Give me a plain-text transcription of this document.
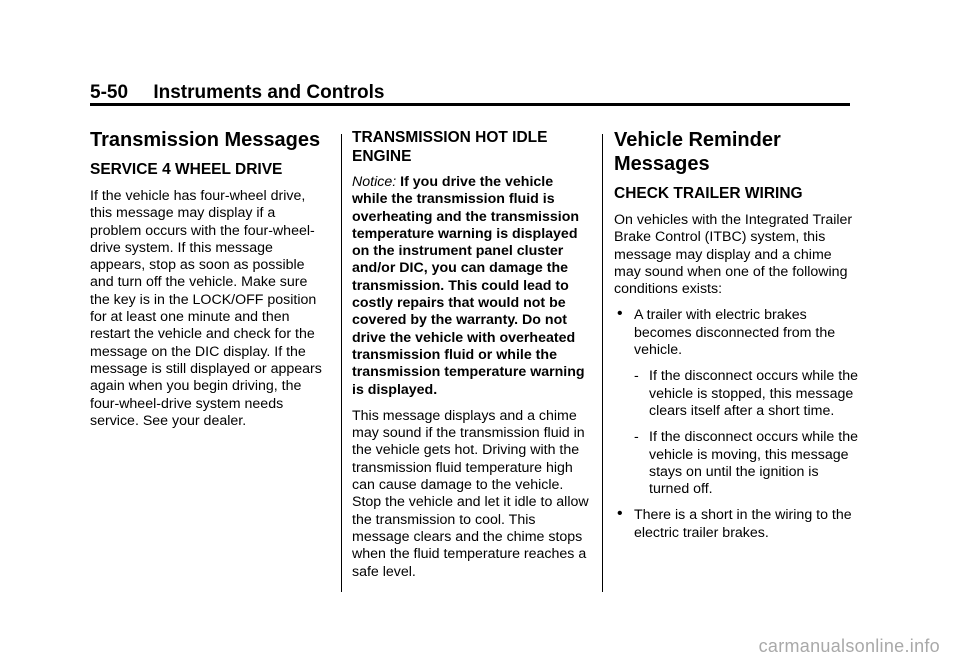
5-50 Instruments and Controls
Transmission Messages
SERVICE 4 WHEEL DRIVE

If the vehicle has four-wheel drive, this message may display if a problem occurs with the four-wheel-drive system. If this message appears, stop as soon as possible and turn off the vehicle. Make sure the key is in the LOCK/OFF position for at least one minute and then restart the vehicle and check for the message on the DIC display. If the message is still displayed or appears again when you begin driving, the four-wheel-drive system needs service. See your dealer.

TRANSMISSION HOT IDLE ENGINE

Notice: If you drive the vehicle while the transmission fluid is overheating and the transmission temperature warning is displayed on the instrument panel cluster and/or DIC, you can damage the transmission. This could lead to costly repairs that would not be covered by the warranty. Do not drive the vehicle with overheated transmission fluid or while the transmission temperature warning is displayed.

This message displays and a chime may sound if the transmission fluid in the vehicle gets hot. Driving with the transmission fluid temperature high can cause damage to the vehicle. Stop the vehicle and let it idle to allow the transmission to cool. This message clears and the chime stops when the fluid temperature reaches a safe level.

Vehicle Reminder Messages
CHECK TRAILER WIRING

On vehicles with the Integrated Trailer Brake Control (ITBC) system, this message may display and a chime may sound when one of the following conditions exists:

• A trailer with electric brakes becomes disconnected from the vehicle.
- If the disconnect occurs while the vehicle is stopped, this message clears itself after a short time.
- If the disconnect occurs while the vehicle is moving, this message stays on until the ignition is turned off.
• There is a short in the wiring to the electric trailer brakes.
carmanualsonline.info
